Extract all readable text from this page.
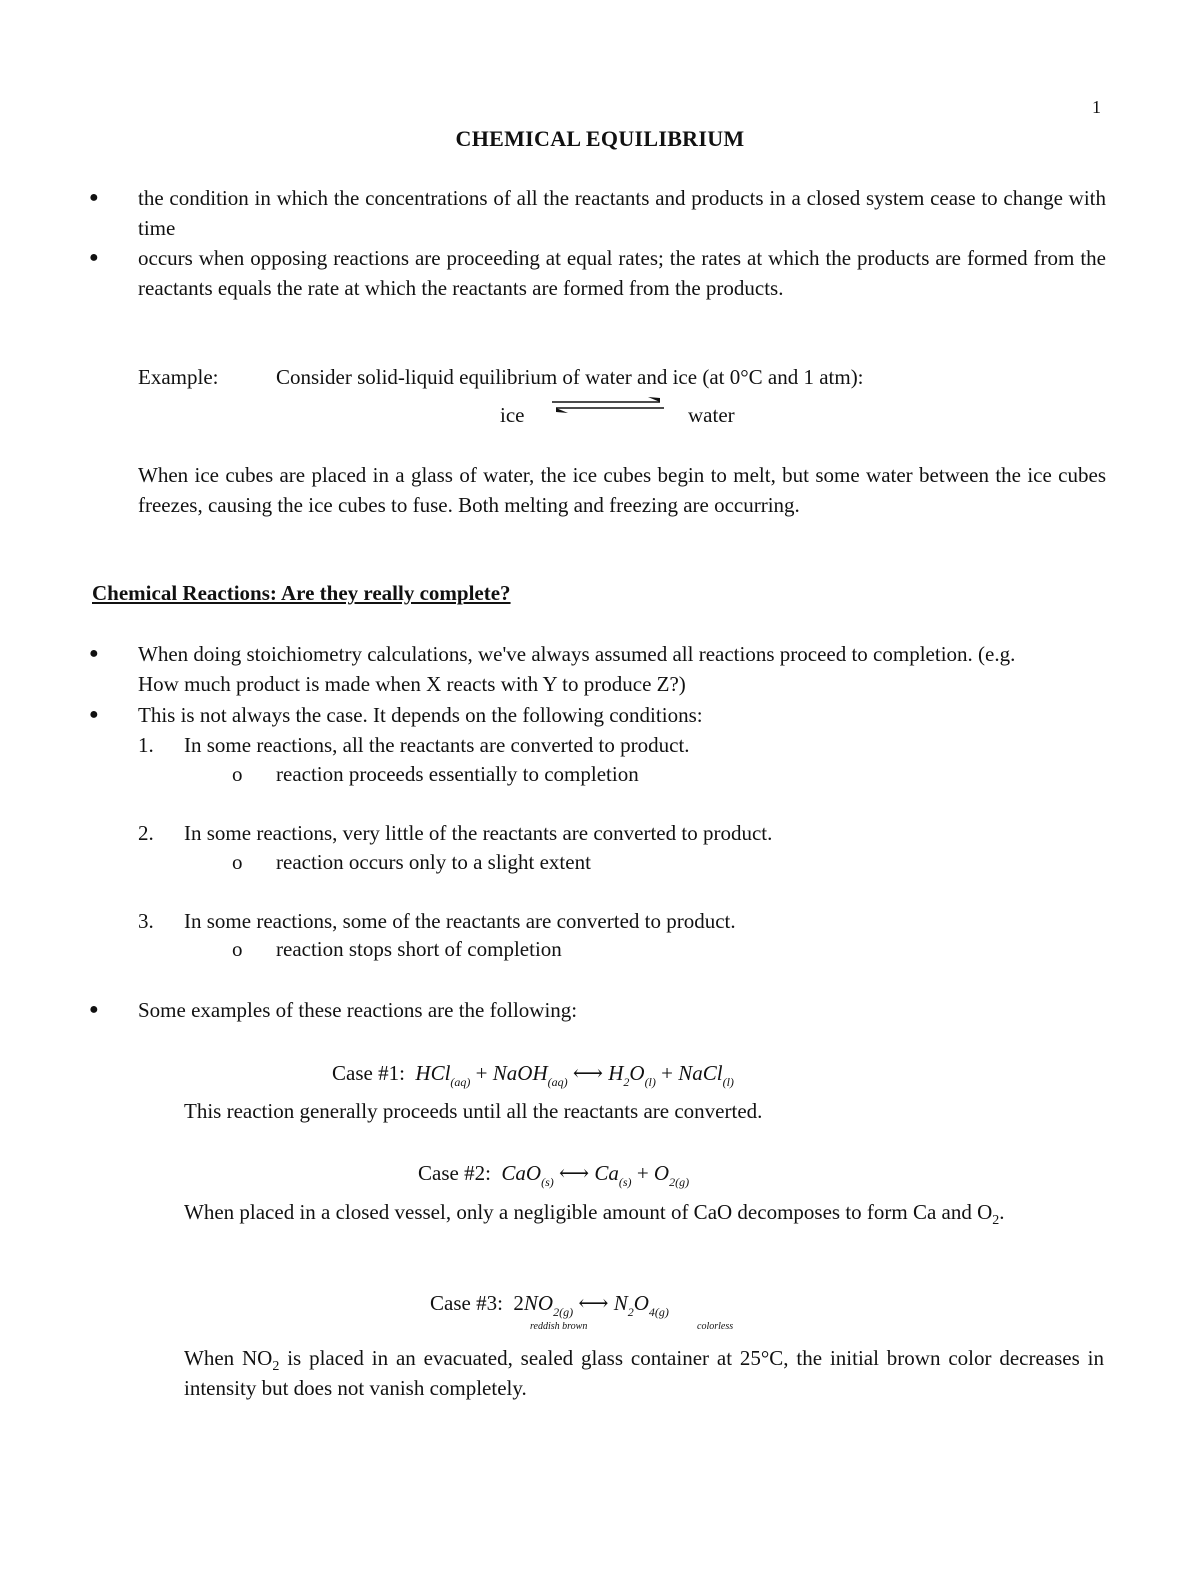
1
CHEMICAL EQUILIBRIUM
● the condition in which the concentrations of all the reactants and products in a closed system cease to change with time
● occurs when opposing reactions are proceeding at equal rates; the rates at which the products are formed from the reactants equals the rate at which the reactants are formed from the products.
Example:	Consider solid-liquid equilibrium of water and ice (at 0°C and 1 atm):
ice	water
When ice cubes are placed in a glass of water, the ice cubes begin to melt, but some water between the ice cubes freezes, causing the ice cubes to fuse. Both melting and freezing are occurring.
Chemical Reactions: Are they really complete?
● When doing stoichiometry calculations, we've always assumed all reactions proceed to completion. (e.g. How much product is made when X reacts with Y to produce Z?)
● This is not always the case. It depends on the following conditions:
1. In some reactions, all the reactants are converted to product.
o reaction proceeds essentially to completion
2. In some reactions, very little of the reactants are converted to product.
o reaction occurs only to a slight extent
3. In some reactions, some of the reactants are converted to product.
o reaction stops short of completion
● Some examples of these reactions are the following:
Case #1: HCl$_{(aq)}$ + NaOH$_{(aq)}$ ⟷ $H_2O_{(l)}$ + NaCl$_{(l)}$
This reaction generally proceeds until all the reactants are converted.
Case #2: CaO$_{(s)}$ ⟷ $Ca_{(s)} + O_{2(g)}$
When placed in a closed vessel, only a negligible amount of CaO decomposes to form Ca and $O_2$.
Case #3: $2NO_{2(g)}$ ⟷ $N_2O_{4(g)}$
reddish brown	colorless
When $NO_2$ is placed in an evacuated, sealed glass container at 25°C, the initial brown color decreases in intensity but does not vanish completely.
